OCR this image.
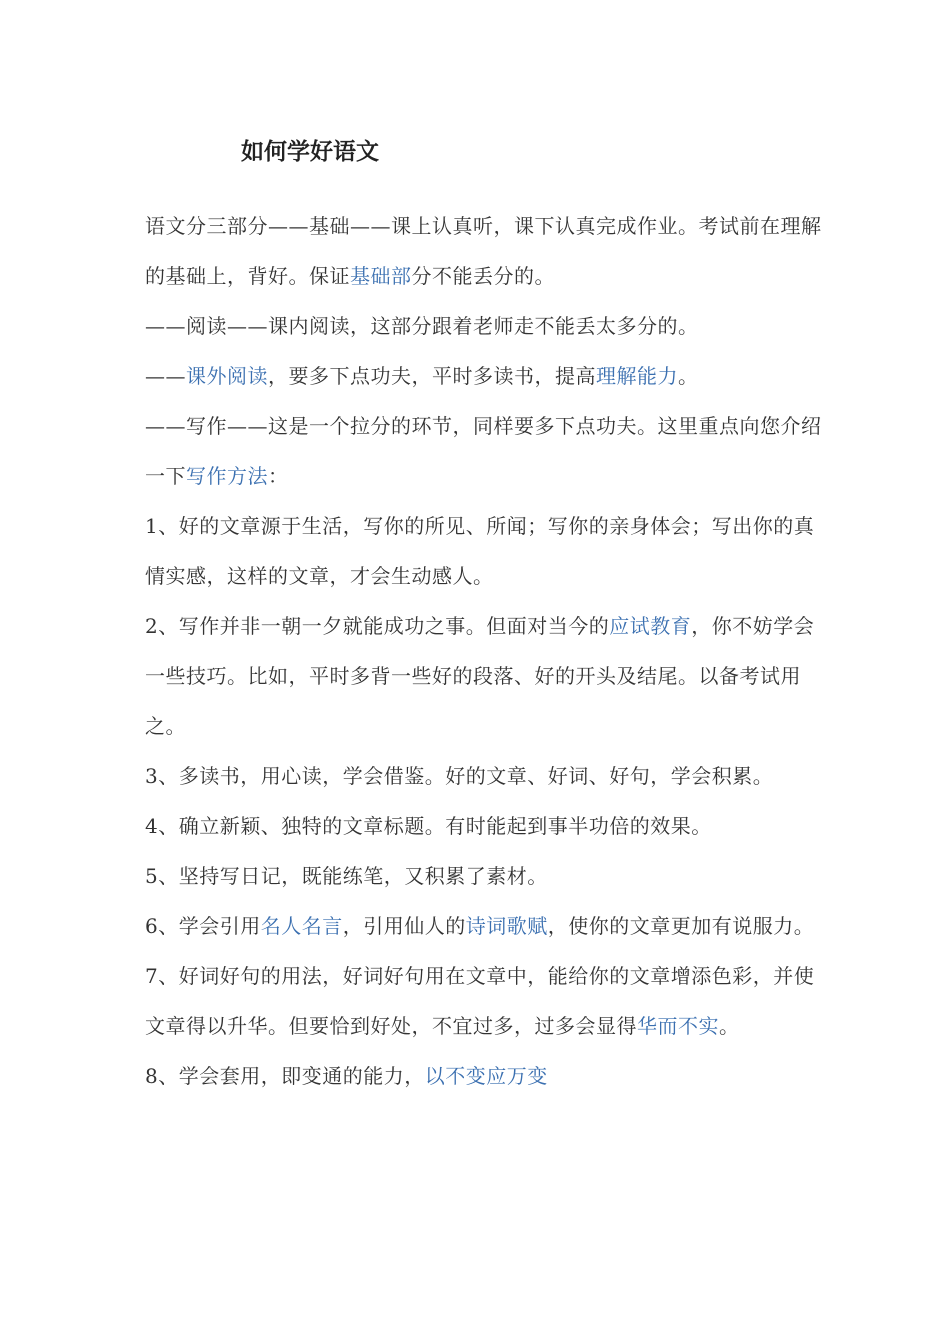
如何学好语文

语文分三部分——基础——课上认真听，课下认真完成作业。考试前在理解的基础上，背好。保证基础部分不能丢分的。

——阅读——课内阅读，这部分跟着老师走不能丢太多分的。

——课外阅读，要多下点功夫，平时多读书，提高理解能力。

——写作——这是一个拉分的环节，同样要多下点功夫。这里重点向您介绍一下写作方法：

1、好的文章源于生活，写你的所见、所闻；写你的亲身体会；写出你的真情实感，这样的文章，才会生动感人。

2、写作并非一朝一夕就能成功之事。但面对当今的应试教育，你不妨学会一些技巧。比如，平时多背一些好的段落、好的开头及结尾。以备考试用之。

3、多读书，用心读，学会借鉴。好的文章、好词、好句，学会积累。

4、确立新颖、独特的文章标题。有时能起到事半功倍的效果。

5、坚持写日记，既能练笔，又积累了素材。

6、学会引用名人名言，引用仙人的诗词歌赋，使你的文章更加有说服力。

7、好词好句的用法，好词好句用在文章中，能给你的文章增添色彩，并使文章得以升华。但要恰到好处，不宜过多，过多会显得华而不实。

8、学会套用，即变通的能力，以不变应万变
